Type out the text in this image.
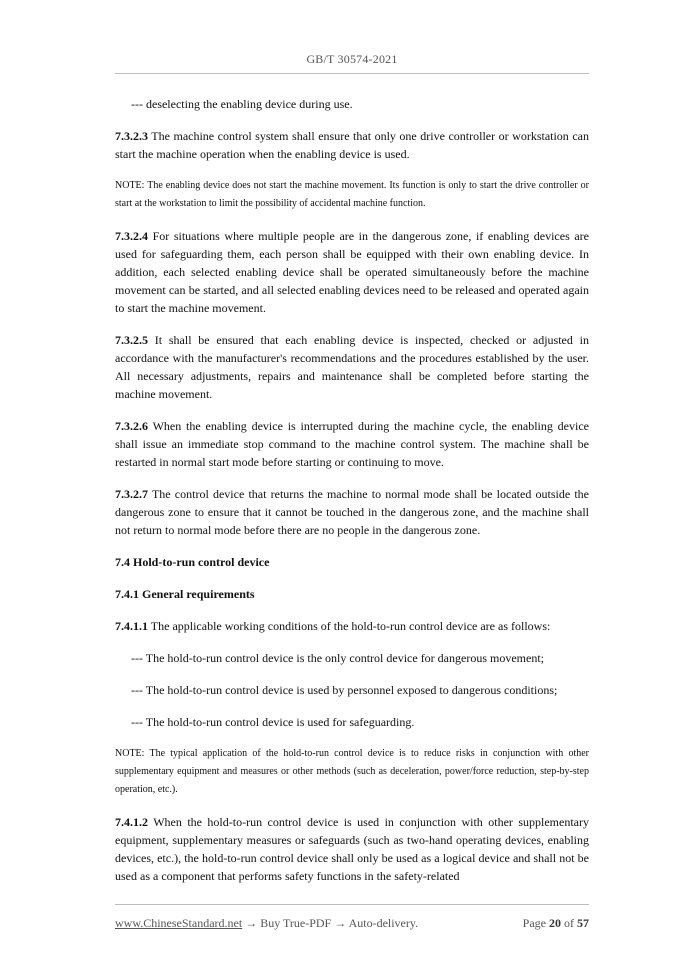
GB/T 30574-2021

--- deselecting the enabling device during use.

7.3.2.3 The machine control system shall ensure that only one drive controller or workstation can start the machine operation when the enabling device is used.

NOTE: The enabling device does not start the machine movement. Its function is only to start the drive controller or start at the workstation to limit the possibility of accidental machine function.

7.3.2.4 For situations where multiple people are in the dangerous zone, if enabling devices are used for safeguarding them, each person shall be equipped with their own enabling device. In addition, each selected enabling device shall be operated simultaneously before the machine movement can be started, and all selected enabling devices need to be released and operated again to start the machine movement.

7.3.2.5 It shall be ensured that each enabling device is inspected, checked or adjusted in accordance with the manufacturer's recommendations and the procedures established by the user. All necessary adjustments, repairs and maintenance shall be completed before starting the machine movement.

7.3.2.6 When the enabling device is interrupted during the machine cycle, the enabling device shall issue an immediate stop command to the machine control system. The machine shall be restarted in normal start mode before starting or continuing to move.

7.3.2.7 The control device that returns the machine to normal mode shall be located outside the dangerous zone to ensure that it cannot be touched in the dangerous zone, and the machine shall not return to normal mode before there are no people in the dangerous zone.

7.4 Hold-to-run control device

7.4.1 General requirements

7.4.1.1 The applicable working conditions of the hold-to-run control device are as follows:

--- The hold-to-run control device is the only control device for dangerous movement;

--- The hold-to-run control device is used by personnel exposed to dangerous conditions;

--- The hold-to-run control device is used for safeguarding.

NOTE: The typical application of the hold-to-run control device is to reduce risks in conjunction with other supplementary equipment and measures or other methods (such as deceleration, power/force reduction, step-by-step operation, etc.).

7.4.1.2 When the hold-to-run control device is used in conjunction with other supplementary equipment, supplementary measures or safeguards (such as two-hand operating devices, enabling devices, etc.), the hold-to-run control device shall only be used as a logical device and shall not be used as a component that performs safety functions in the safety-related

www.ChineseStandard.net → Buy True-PDF → Auto-delivery.	Page 20 of 57
